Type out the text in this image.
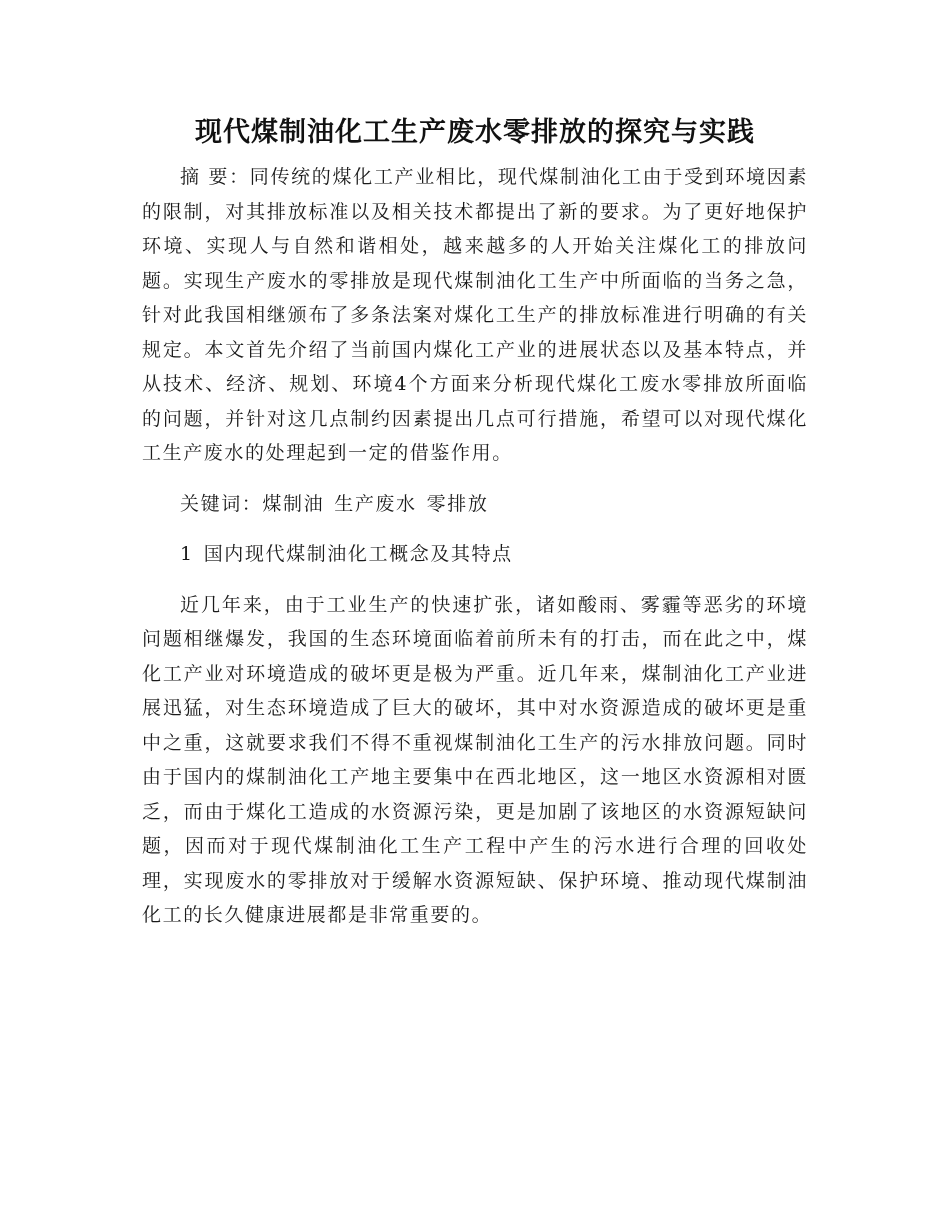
现代煤制油化工生产废水零排放的探究与实践

摘 要：同传统的煤化工产业相比，现代煤制油化工由于受到环境因素的限制，对其排放标准以及相关技术都提出了新的要求。为了更好地保护环境、实现人与自然和谐相处，越来越多的人开始关注煤化工的排放问题。实现生产废水的零排放是现代煤制油化工生产中所面临的当务之急，针对此我国相继颁布了多条法案对煤化工生产的排放标准进行明确的有关规定。本文首先介绍了当前国内煤化工产业的进展状态以及基本特点，并从技术、经济、规划、环境4个方面来分析现代煤化工废水零排放所面临的问题，并针对这几点制约因素提出几点可行措施，希望可以对现代煤化工生产废水的处理起到一定的借鉴作用。

关键词：煤制油 生产废水 零排放

1 国内现代煤制油化工概念及其特点

近几年来，由于工业生产的快速扩张，诸如酸雨、雾霾等恶劣的环境问题相继爆发，我国的生态环境面临着前所未有的打击，而在此之中，煤化工产业对环境造成的破坏更是极为严重。近几年来，煤制油化工产业进展迅猛，对生态环境造成了巨大的破坏，其中对水资源造成的破坏更是重中之重，这就要求我们不得不重视煤制油化工生产的污水排放问题。同时由于国内的煤制油化工产地主要集中在西北地区，这一地区水资源相对匮乏，而由于煤化工造成的水资源污染，更是加剧了该地区的水资源短缺问题，因而对于现代煤制油化工生产工程中产生的污水进行合理的回收处理，实现废水的零排放对于缓解水资源短缺、保护环境、推动现代煤制油化工的长久健康进展都是非常重要的。
